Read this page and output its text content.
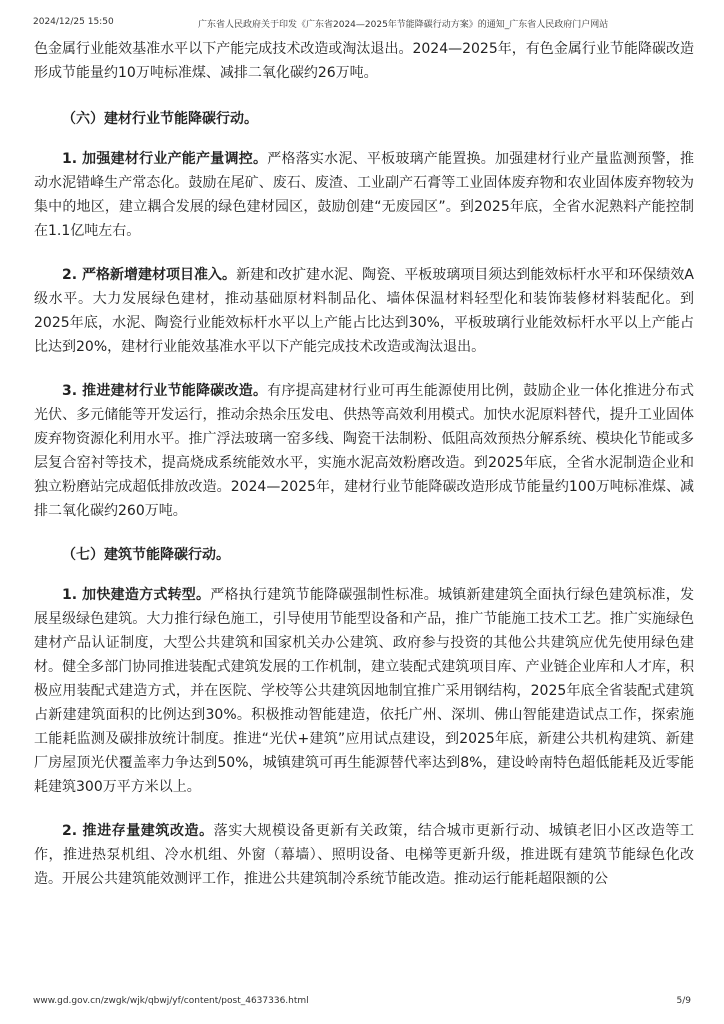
2024/12/25 15:50	广东省人民政府关于印发《广东省2024—2025年节能降碳行动方案》的通知_广东省人民政府门户网站

色金属行业能效基准水平以下产能完成技术改造或淘汰退出。2024—2025年，有色金属行业节能降碳改造形成节能量约10万吨标准煤、减排二氧化碳约26万吨。

（六）建材行业节能降碳行动。

1. 加强建材行业产能产量调控。严格落实水泥、平板玻璃产能置换。加强建材行业产量监测预警，推动水泥错峰生产常态化。鼓励在尾矿、废石、废渣、工业副产石膏等工业固体废弃物和农业固体废弃物较为集中的地区，建立耦合发展的绿色建材园区，鼓励创建“无废园区”。到2025年底，全省水泥熟料产能控制在1.1亿吨左右。

2. 严格新增建材项目准入。新建和改扩建水泥、陶瓷、平板玻璃项目须达到能效标杆水平和环保绩效A级水平。大力发展绿色建材，推动基础原材料制品化、墙体保温材料轻型化和装饰装修材料装配化。到2025年底，水泥、陶瓷行业能效标杆水平以上产能占比达到30%，平板玻璃行业能效标杆水平以上产能占比达到20%，建材行业能效基准水平以下产能完成技术改造或淘汰退出。

3. 推进建材行业节能降碳改造。有序提高建材行业可再生能源使用比例，鼓励企业一体化推进分布式光伏、多元储能等开发运行，推动余热余压发电、供热等高效利用模式。加快水泥原料替代，提升工业固体废弃物资源化利用水平。推广浮法玻璃一窑多线、陶瓷干法制粉、低阻高效预热分解系统、模块化节能或多层复合窑衬等技术，提高烧成系统能效水平，实施水泥高效粉磨改造。到2025年底，全省水泥制造企业和独立粉磨站完成超低排放改造。2024—2025年，建材行业节能降碳改造形成节能量约100万吨标准煤、减排二氧化碳约260万吨。

（七）建筑节能降碳行动。

1. 加快建造方式转型。严格执行建筑节能降碳强制性标准。城镇新建建筑全面执行绿色建筑标准，发展星级绿色建筑。大力推行绿色施工，引导使用节能型设备和产品，推广节能施工技术工艺。推广实施绿色建材产品认证制度，大型公共建筑和国家机关办公建筑、政府参与投资的其他公共建筑应优先使用绿色建材。健全多部门协同推进装配式建筑发展的工作机制，建立装配式建筑项目库、产业链企业库和人才库，积极应用装配式建造方式，并在医院、学校等公共建筑因地制宜推广采用钢结构，2025年底全省装配式建筑占新建建筑面积的比例达到30%。积极推动智能建造，依托广州、深圳、佛山智能建造试点工作，探索施工能耗监测及碳排放统计制度。推进“光伏+建筑”应用试点建设，到2025年底，新建公共机构建筑、新建厂房屋顶光伏覆盖率力争达到50%，城镇建筑可再生能源替代率达到8%，建设岭南特色超低能耗及近零能耗建筑300万平方米以上。

2. 推进存量建筑改造。落实大规模设备更新有关政策，结合城市更新行动、城镇老旧小区改造等工作，推进热泵机组、冷水机组、外窗（幕墙）、照明设备、电梯等更新升级，推进既有建筑节能绿色化改造。开展公共建筑能效测评工作，推进公共建筑制冷系统节能改造。推动运行能耗超限额的公

www.gd.gov.cn/zwgk/wjk/qbwj/yf/content/post_4637336.html	5/9
